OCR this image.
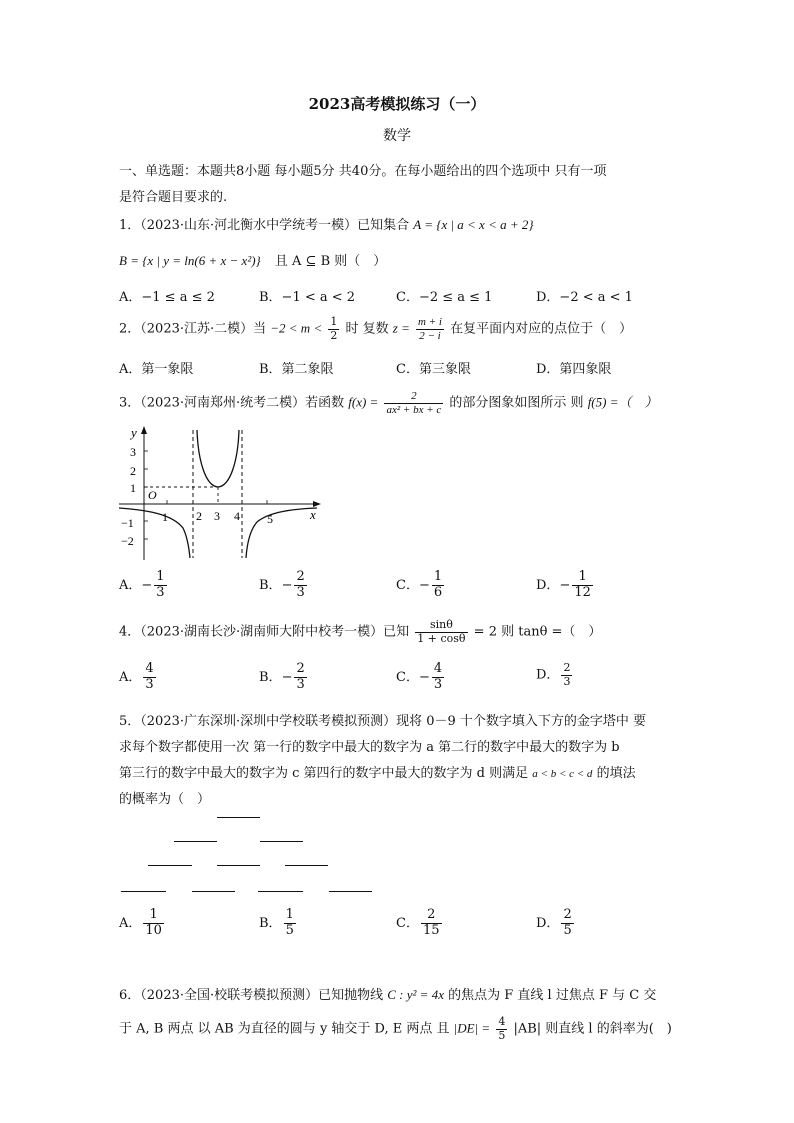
2023高考模拟练习（一）
数学
一、单选题：本题共8小题 每小题5分 共40分。在每小题给出的四个选项中 只有一项
是符合题目要求的.
1．（2023·山东·河北衡水中学统考一模）已知集合 A = {x | a < x < a + 2}
B = {x | y = ln(6 + x − x²)} 且 A ⊆ B 则（　）
A．−1 ≤ a ≤ 2	B．−1 < a < 2	C．−2 ≤ a ≤ 1	D．−2 < a < 1
2．（2023·江苏·二模）当 $-2 < m < \frac{1}{2}$ 时 复数 $z = \frac{m + i}{2 - i}$ 在复平面内对应的点位于（　）
A．第一象限	B．第二象限	C．第三象限	D．第四象限
3．（2023·河南郑州·统考二模）若函数 $f(x) = \frac{2}{\text{ax² + bx + c}}$ 的部分图象如图所示 则 f(5) =（　）
y
x
O
1 2 3 4 5
3
2
1
−1
−2
A．− $\frac{1}{3}$	B．− $\frac{2}{3}$	C．− $\frac{1}{6}$	D．− $\frac{1}{12}$
4．（2023·湖南长沙·湖南师大附中校考一模）已知 $\frac{\sin\theta}{1 + \cos\theta} = 2$ 则 tanθ =（　）
A． $\frac{4}{3}$	B．− $\frac{2}{3}$	C．− $\frac{4}{3}$	D． $\frac{2}{3}$
5．（2023·广东深圳·深圳中学校联考模拟预测）现将 0－9 十个数字填入下方的金字塔中 要
求每个数字都使用一次 第一行的数字中最大的数字为 a 第二行的数字中最大的数字为 b
第三行的数字中最大的数字为 c 第四行的数字中最大的数字为 d 则满足 a < b < c < d 的填法
的概率为（　）
A． $\frac{1}{10}$	B． $\frac{1}{5}$	C． $\frac{2}{15}$	D． $\frac{2}{5}$
6．（2023·全国·校联考模拟预测）已知抛物线 C : y² = 4x 的焦点为 F 直线 l 过焦点 F 与 C 交
于 A, B 两点 以 AB 为直径的圆与 y 轴交于 D, E 两点 且 $|DE| = \frac{4}{5} |AB|$ 则直线 l 的斜率为(　)
